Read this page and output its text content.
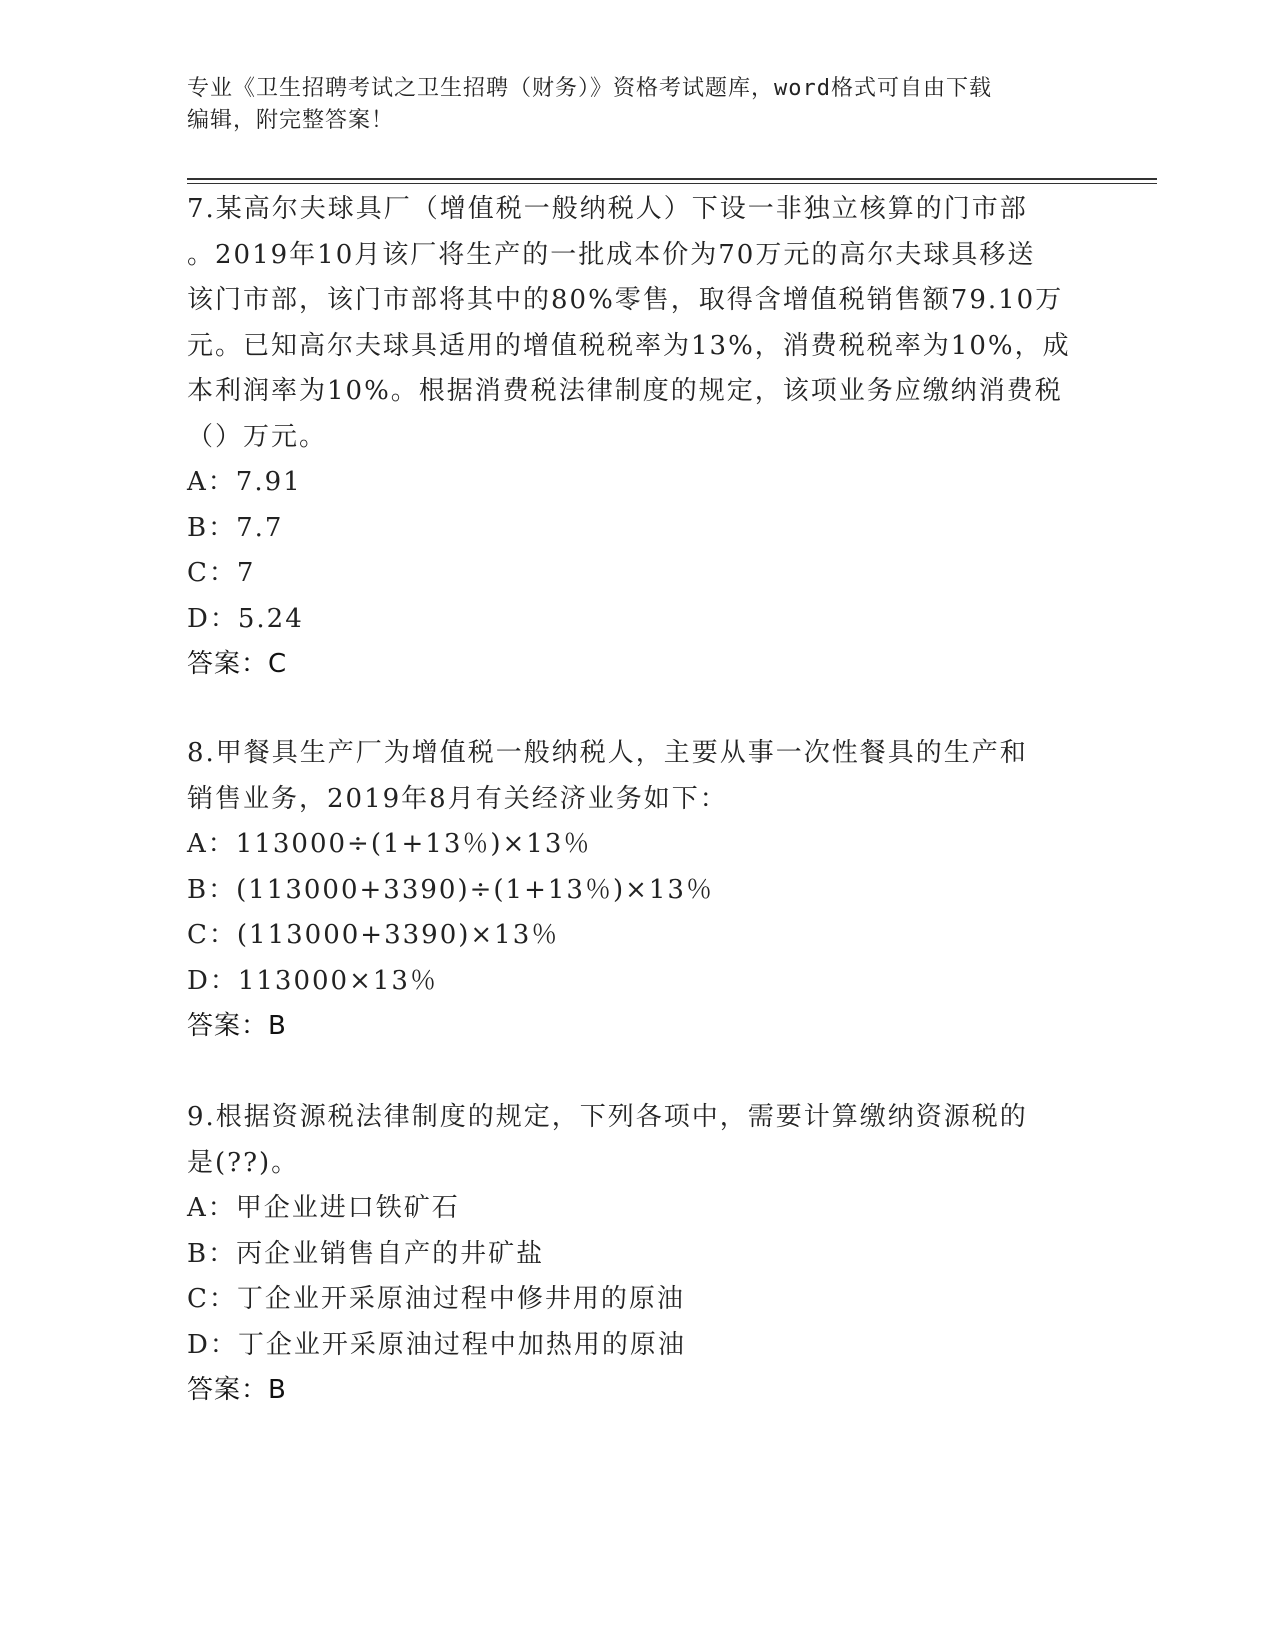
专业《卫生招聘考试之卫生招聘（财务）》资格考试题库，word格式可自由下载
编辑，附完整答案！

7.某高尔夫球具厂（增值税一般纳税人）下设一非独立核算的门市部
。2019年10月该厂将生产的一批成本价为70万元的高尔夫球具移送
该门市部，该门市部将其中的80%零售，取得含增值税销售额79.10万
元。已知高尔夫球具适用的增值税税率为13%，消费税税率为10%，成
本利润率为10%。根据消费税法律制度的规定，该项业务应缴纳消费税
（）万元。

A：7.91
B：7.7
C：7
D：5.24
答案：C

8.甲餐具生产厂为增值税一般纳税人，主要从事一次性餐具的生产和
销售业务，2019年8月有关经济业务如下：

A：113000÷(1+13％)×13％
B：(113000+3390)÷(1+13％)×13％
C：(113000+3390)×13％
D：113000×13％
答案：B

9.根据资源税法律制度的规定，下列各项中，需要计算缴纳资源税的
是(??)。

A：甲企业进口铁矿石
B：丙企业销售自产的井矿盐
C：丁企业开采原油过程中修井用的原油
D：丁企业开采原油过程中加热用的原油
答案：B
